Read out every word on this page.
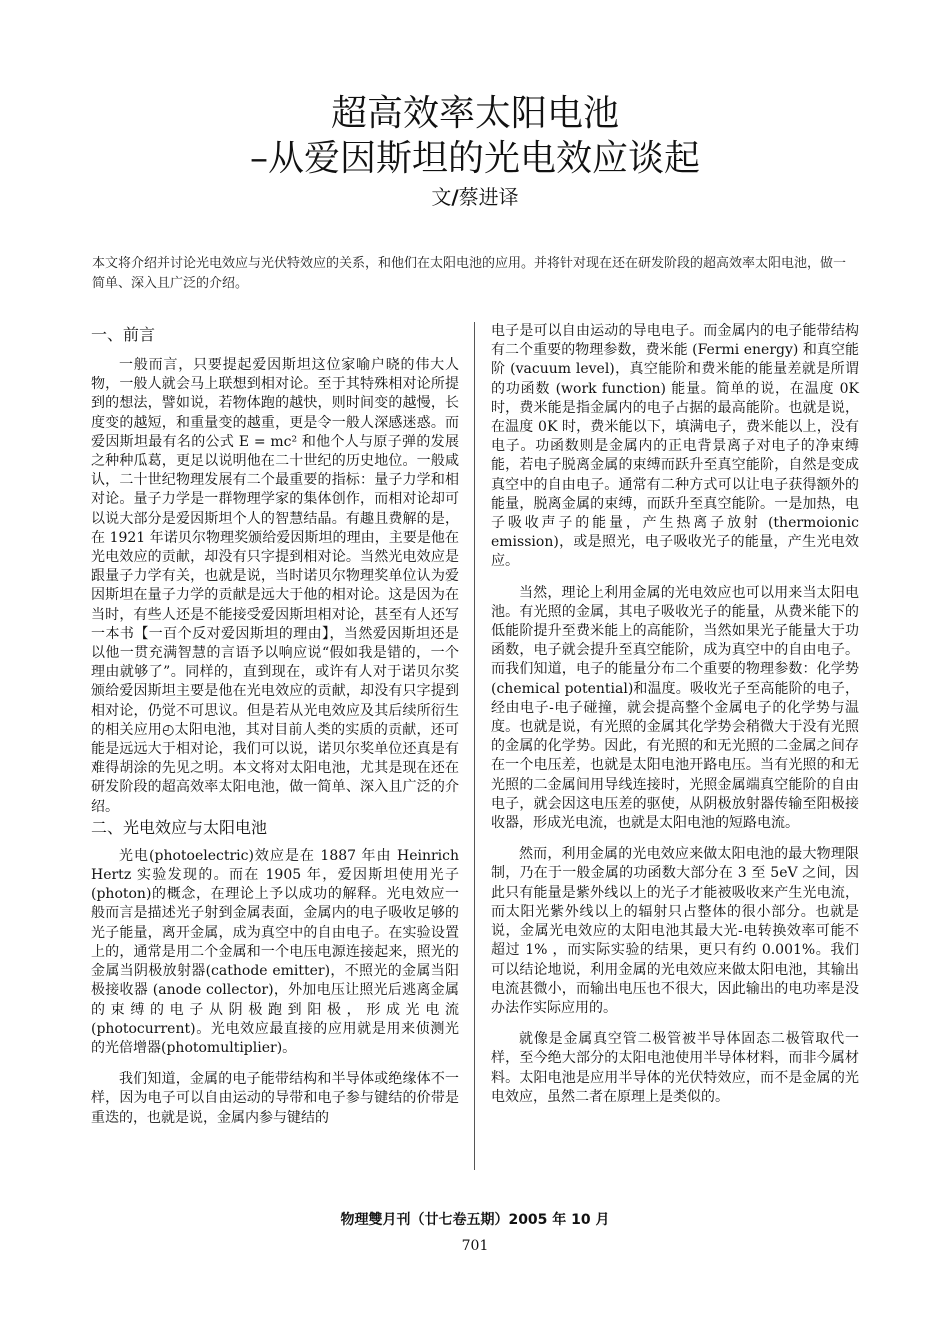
超高效率太阳电池
–从爱因斯坦的光电效应谈起
文/蔡进译
本文将介绍并讨论光电效应与光伏特效应的关系，和他们在太阳电池的应用。并将针对现在还在研发阶段的超高效率太阳电池，做一简单、深入且广泛的介绍。
一、前言

一般而言，只要提起爱因斯坦这位家喻户晓的伟大人物，一般人就会马上联想到相对论。至于其特殊相对论所提到的想法，譬如说，若物体跑的越快，则时间变的越慢，长度变的越短，和重量变的越重，更是令一般人深感迷惑。而爱因斯坦最有名的公式 E = mc² 和他个人与原子弹的发展之种种瓜葛，更足以说明他在二十世纪的历史地位。一般咸认，二十世纪物理发展有二个最重要的指标：量子力学和相对论。量子力学是一群物理学家的集体创作，而相对论却可以说大部分是爱因斯坦个人的智慧结晶。有趣且费解的是，在 1921 年诺贝尔物理奖颁给爱因斯坦的理由，主要是他在光电效应的贡献，却没有只字提到相对论。当然光电效应是跟量子力学有关，也就是说，当时诺贝尔物理奖单位认为爱因斯坦在量子力学的贡献是远大于他的相对论。这是因为在当时，有些人还是不能接受爱因斯坦相对论，甚至有人还写一本书【一百个反对爱因斯坦的理由】，当然爱因斯坦还是以他一贯充满智慧的言语予以响应说“假如我是错的，一个理由就够了”。同样的，直到现在，或许有人对于诺贝尔奖颁给爱因斯坦主要是他在光电效应的贡献，却没有只字提到相对论，仍觉不可思议。但是若从光电效应及其后续所衍生的相关应用◴太阳电池，其对目前人类的实质的贡献，还可能是远远大于相对论，我们可以说，诺贝尔奖单位还真是有难得胡涂的先见之明。本文将对太阳电池，尤其是现在还在研发阶段的超高效率太阳电池，做一简单、深入且广泛的介绍。

二、光电效应与太阳电池

光电(photoelectric)效应是在 1887 年由 Heinrich Hertz 实验发现的。而在 1905 年，爱因斯坦使用光子(photon)的概念，在理论上予以成功的解释。光电效应一般而言是描述光子射到金属表面，金属内的电子吸收足够的光子能量，离开金属，成为真空中的自由电子。在实验设置上的，通常是用二个金属和一个电压电源连接起来，照光的金属当阴极放射器(cathode emitter)，不照光的金属当阳极接收器 (anode collector)，外加电压让照光后逃离金属的束缚的电子从阴极跑到阳极，形成光电流 (photocurrent)。光电效应最直接的应用就是用来侦测光的光倍增器(photomultiplier)。

我们知道，金属的电子能带结构和半导体或绝缘体不一样，因为电子可以自由运动的导带和电子参与键结的价带是重迭的，也就是说，金属内参与键结的

电子是可以自由运动的导电电子。而金属内的电子能带结构有二个重要的物理参数，费米能 (Fermi energy) 和真空能阶 (vacuum level)，真空能阶和费米能的能量差就是所谓的功函数 (work function) 能量。简单的说，在温度 0K 时，费米能是指金属内的电子占据的最高能阶。也就是说，在温度 0K 时，费米能以下，填满电子，费米能以上，没有电子。功函数则是金属内的正电背景离子对电子的净束缚能，若电子脱离金属的束缚而跃升至真空能阶，自然是变成真空中的自由电子。通常有二种方式可以让电子获得额外的能量，脱离金属的束缚，而跃升至真空能阶。一是加热，电子吸收声子的能量，产生热离子放射 (thermoionic emission)，或是照光，电子吸收光子的能量，产生光电效应。

当然，理论上利用金属的光电效应也可以用来当太阳电池。有光照的金属，其电子吸收光子的能量，从费米能下的低能阶提升至费米能上的高能阶，当然如果光子能量大于功函数，电子就会提升至真空能阶，成为真空中的自由电子。而我们知道，电子的能量分布二个重要的物理参数：化学势(chemical potential)和温度。吸收光子至高能阶的电子，经由电子-电子碰撞，就会提高整个金属电子的化学势与温度。也就是说，有光照的金属其化学势会稍微大于没有光照的金属的化学势。因此，有光照的和无光照的二金属之间存在一个电压差，也就是太阳电池开路电压。当有光照的和无光照的二金属间用导线连接时，光照金属端真空能阶的自由电子，就会因这电压差的驱使，从阴极放射器传输至阳极接收器，形成光电流，也就是太阳电池的短路电流。

然而，利用金属的光电效应来做太阳电池的最大物理限制，乃在于一般金属的功函数大部分在 3 至 5eV 之间，因此只有能量是紫外线以上的光子才能被吸收来产生光电流，而太阳光紫外线以上的辐射只占整体的很小部分。也就是说，金属光电效应的太阳电池其最大光-电转换效率可能不超过 1% ，而实际实验的结果，更只有约 0.001%。我们可以结论地说，利用金属的光电效应来做太阳电池，其输出电流甚微小，而输出电压也不很大，因此输出的电功率是没办法作实际应用的。

就像是金属真空管二极管被半导体固态二极管取代一样，至今绝大部分的太阳电池使用半导体材料，而非今属材料。太阳电池是应用半导体的光伏特效应，而不是金属的光电效应，虽然二者在原理上是类似的。

物理雙月刊（廿七卷五期）2005 年 10 月
701
